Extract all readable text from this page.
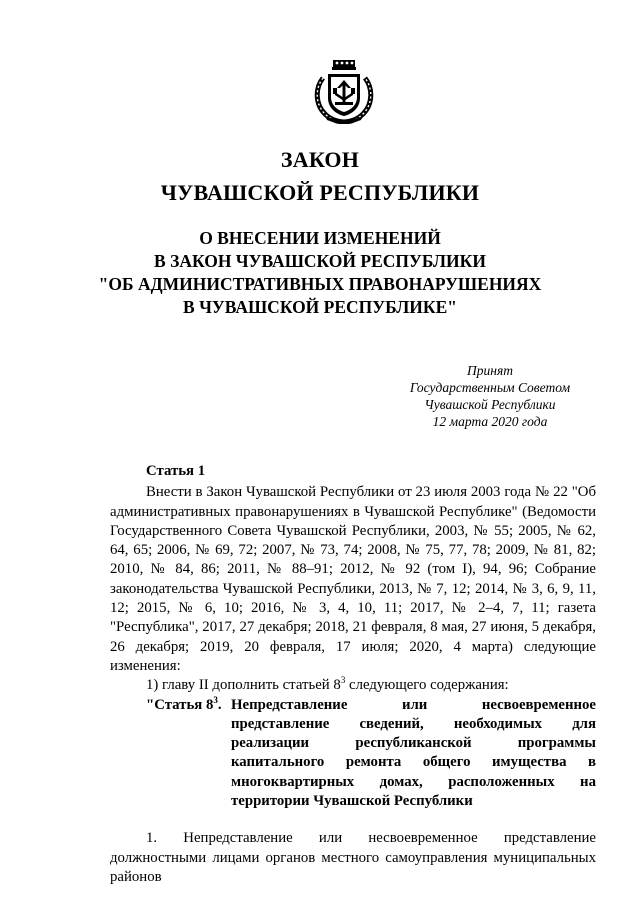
ЗАКОН
ЧУВАШСКОЙ РЕСПУБЛИКИ
О ВНЕСЕНИИ ИЗМЕНЕНИЙ
В ЗАКОН ЧУВАШСКОЙ РЕСПУБЛИКИ
"ОБ АДМИНИСТРАТИВНЫХ ПРАВОНАРУШЕНИЯХ
В ЧУВАШСКОЙ РЕСПУБЛИКЕ"
Принят
Государственным Советом
Чувашской Республики
12 марта 2020 года
Статья 1

Внести в Закон Чувашской Республики от 23 июля 2003 года № 22 "Об административных правонарушениях в Чувашской Республике" (Ведомости Государственного Совета Чувашской Республики, 2003, № 55; 2005, № 62, 64, 65; 2006, № 69, 72; 2007, № 73, 74; 2008, № 75, 77, 78; 2009, № 81, 82; 2010, № 84, 86; 2011, № 88–91; 2012, № 92 (том I), 94, 96; Собрание законодательства Чувашской Республики, 2013, № 7, 12; 2014, № 3, 6, 9, 11, 12; 2015, № 6, 10; 2016, № 3, 4, 10, 11; 2017, № 2–4, 7, 11; газета "Республика", 2017, 27 декабря; 2018, 21 февраля, 8 мая, 27 июня, 5 декабря, 26 декабря; 2019, 20 февраля, 17 июля; 2020, 4 марта) следующие изменения:

1) главу II дополнить статьей $8^3$ следующего содержания:

"Статья $8^3$. Непредставление или несвоевременное представление сведений, необходимых для реализации республиканской программы капитального ремонта общего имущества в многоквартирных домах, расположенных на территории Чувашской Республики

1. Непредставление или несвоевременное представление должностными лицами органов местного самоуправления муниципальных районов
